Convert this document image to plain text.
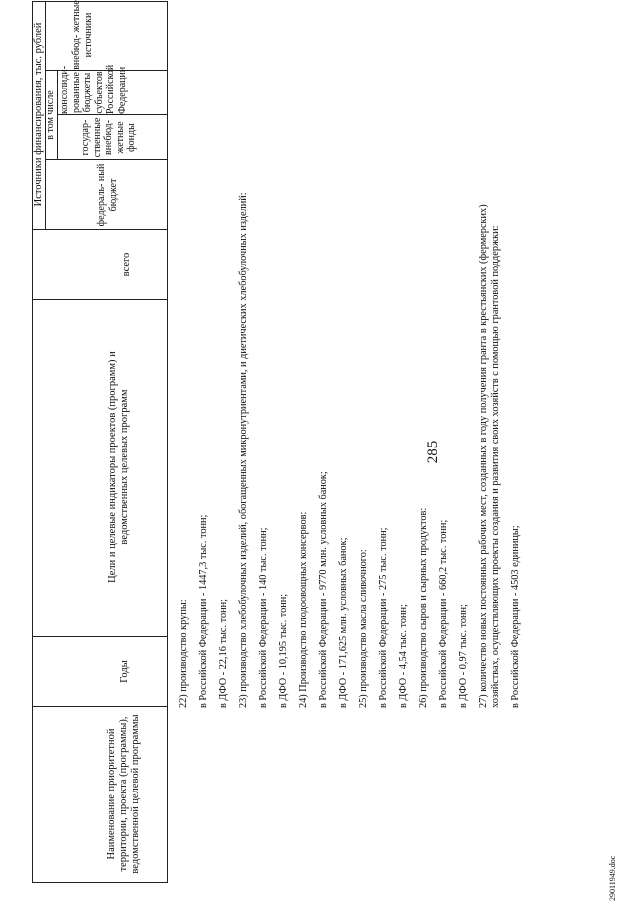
285
29011949.doc
Наименование приоритетной территории, проекта (программы), ведомственной целевой программы
Годы
Цели и целевые индикаторы проектов (программ) и ведомственных целевых программ
всего
Источники финансирования, тыс. рублей в том числе
федераль- ный бюджет
государ- ственные внебюд- жетные фонды
консолиди- рованные бюджеты субъектов Российской Федерации
внебюд- жетные источники
22) производство крупы: в Российской Федерации - 1447,3 тыс. тонн; в ДФО - 22,16 тыс. тонн; 23) производство хлебобулочных изделий, обогащенных микронутриентами, и диетических хлебобулочных изделий: в Российской Федерации - 140 тыс. тонн; в ДФО - 10,195 тыс. тонн; 24) Производство плодоовощных консервов: в Российской Федерации - 9770 млн. условных банок; в ДФО - 171,625 млн. условных банок; 25) производство масла сливочного: в Российской Федерации - 275 тыс. тонн; в ДФО - 4,54 тыс. тонн; 26) производство сыров и сырных продуктов: в Российской Федерации - 660,2 тыс. тонн; в ДФО - 0,97 тыс. тонн; 27) количество новых постоянных рабочих мест, созданных в году получения гранта в крестьянских (фермерских) хозяйствах, осуществляющих проекты создания и развития своих хозяйств с помощью грантовой поддержки: в Российской Федерации - 4503 единицы;
